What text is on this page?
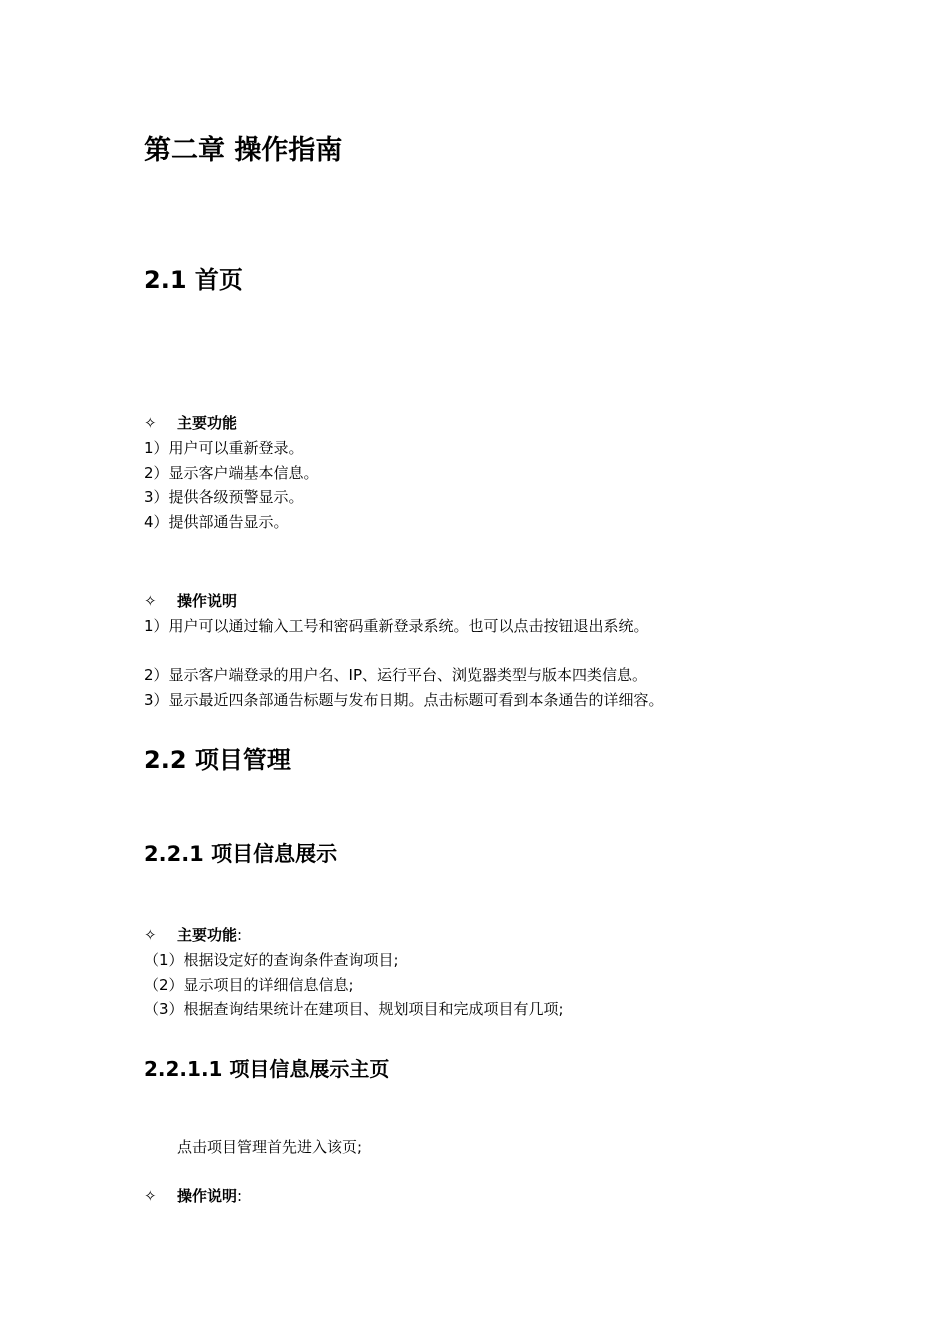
第二章 操作指南
2.1 首页
✧ 主要功能
1）用户可以重新登录。
2）显示客户端基本信息。
3）提供各级预警显示。
4）提供部通告显示。
✧ 操作说明
1）用户可以通过输入工号和密码重新登录系统。也可以点击按钮退出系统。
2）显示客户端登录的用户名、IP、运行平台、浏览器类型与版本四类信息。
3）显示最近四条部通告标题与发布日期。点击标题可看到本条通告的详细容。
2.2 项目管理
2.2.1 项目信息展示
✧ 主要功能:
（1）根据设定好的查询条件查询项目;
（2）显示项目的详细信息信息;
（3）根据查询结果统计在建项目、规划项目和完成项目有几项;
2.2.1.1 项目信息展示主页
点击项目管理首先进入该页;
✧ 操作说明:
